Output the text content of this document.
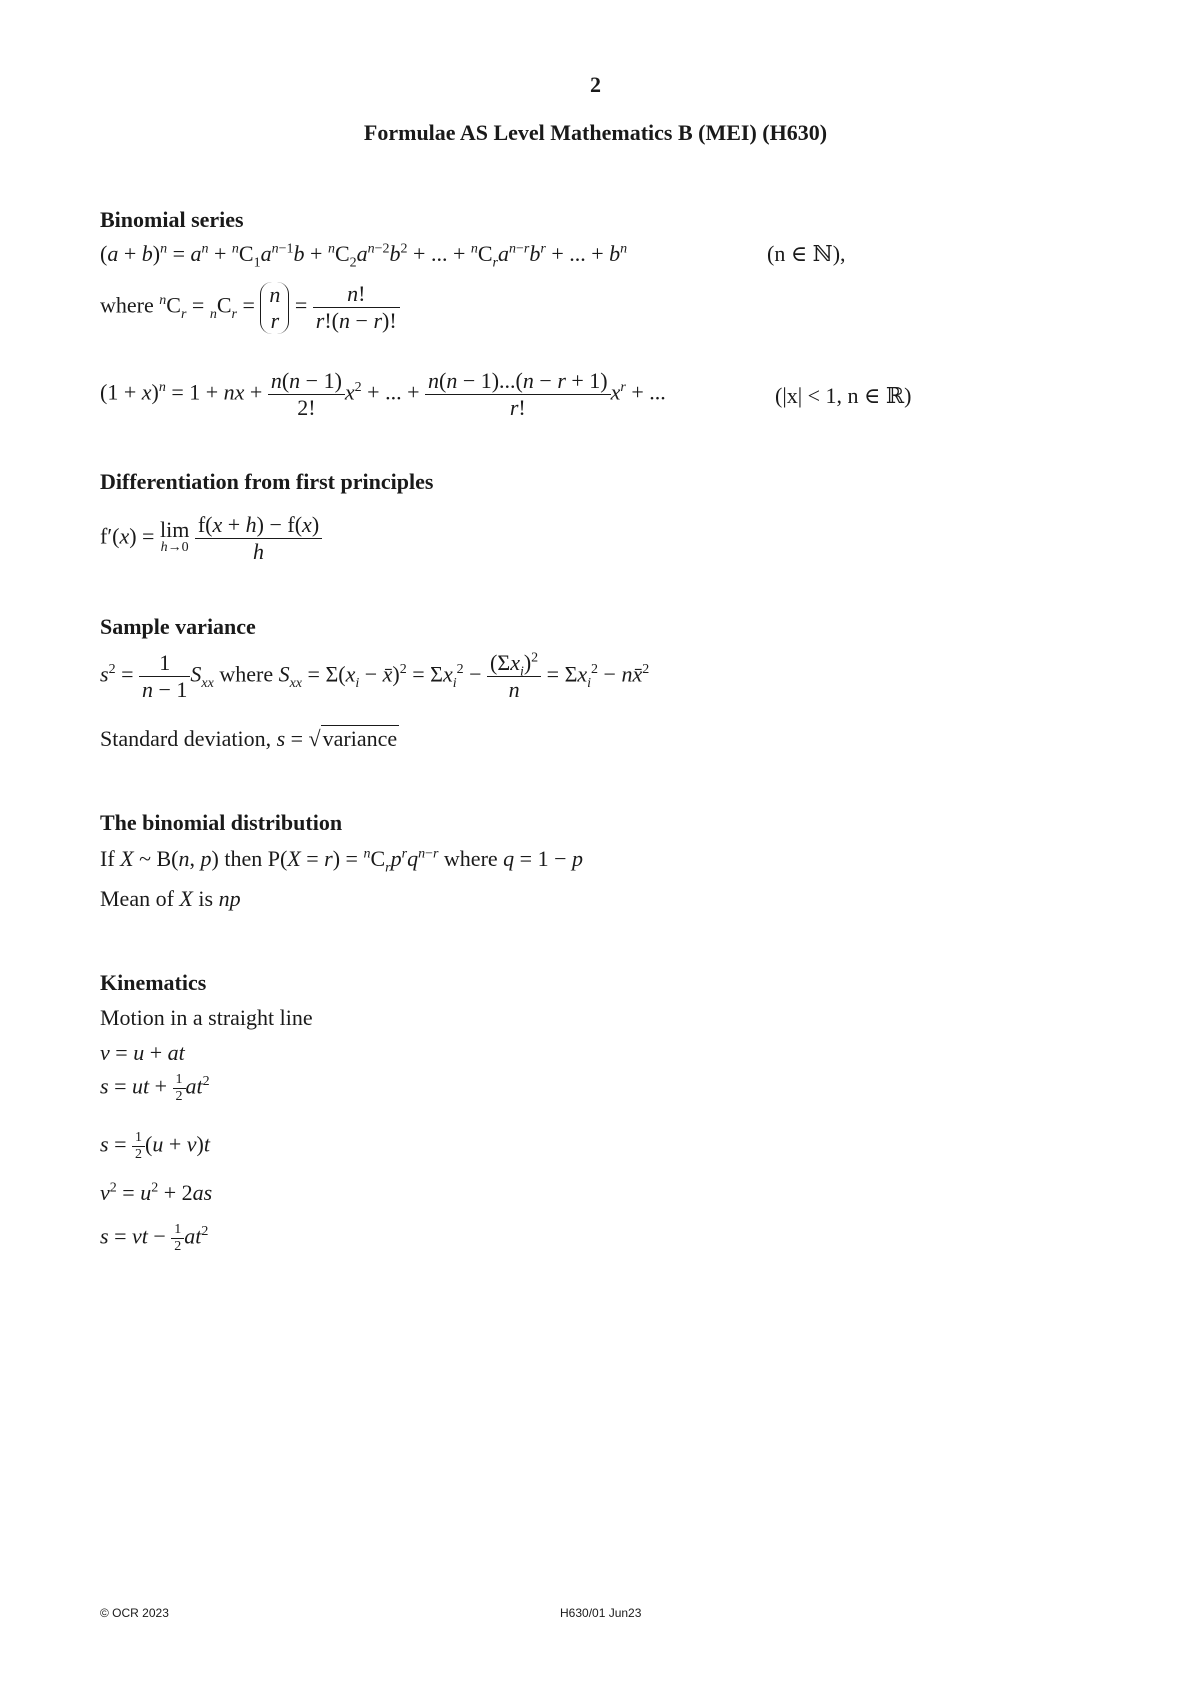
2
Formulae AS Level Mathematics B (MEI) (H630)
Binomial series
$(a + b)^n = a^n + ^nC_1a^{n-1}b + ^nC_2a^{n-2}b^2$ + ... + $^nC_ra^{n-r}b^r$ + ... + $b^n$	(n ∈ ℕ),
where $^nC_r = _nC_r = n$
r
= $\frac{n!}{r!(n - r)!}$
$(1 + x)^n = 1$ + nx + $\frac{n(n - 1)}{2!} x^2$ + ... + $\frac{n(n - 1)...(n - r + 1)}{r!} x^r$ + ...	(|x| < 1, n ∈ ℝ)
Differentiation from first principles
f′(x) = lim
h→0
$\frac{f(x + h) - f(x)}{h}$
Sample variance
$s^2 = \frac{1}{n - 1} S_{xx}$ where $S_{xx} = \Sigma(x_i$ − x̄)$^2$ = $\Sigma x_i^2 - \frac{(\Sigma x_i)^2}{n} = \Sigma x_i^2$ − nx̄$^2$
Standard deviation, s = √variance
The binomial distribution
If X ~ B(n, p) then $P(X = r) = ^nC_rp^rq^{n-r}$ where q = 1 − p
Mean of X is np
Kinematics
Motion in a straight line
v = u + at
s = ut + $\frac{1}{2} at^2$
$s = \frac{1}{2} (u + v)t$
$v^2 = u^2 + 2as$
s = vt − $\frac{1}{2} at^2$
© OCR 2023	H630/01 Jun23
